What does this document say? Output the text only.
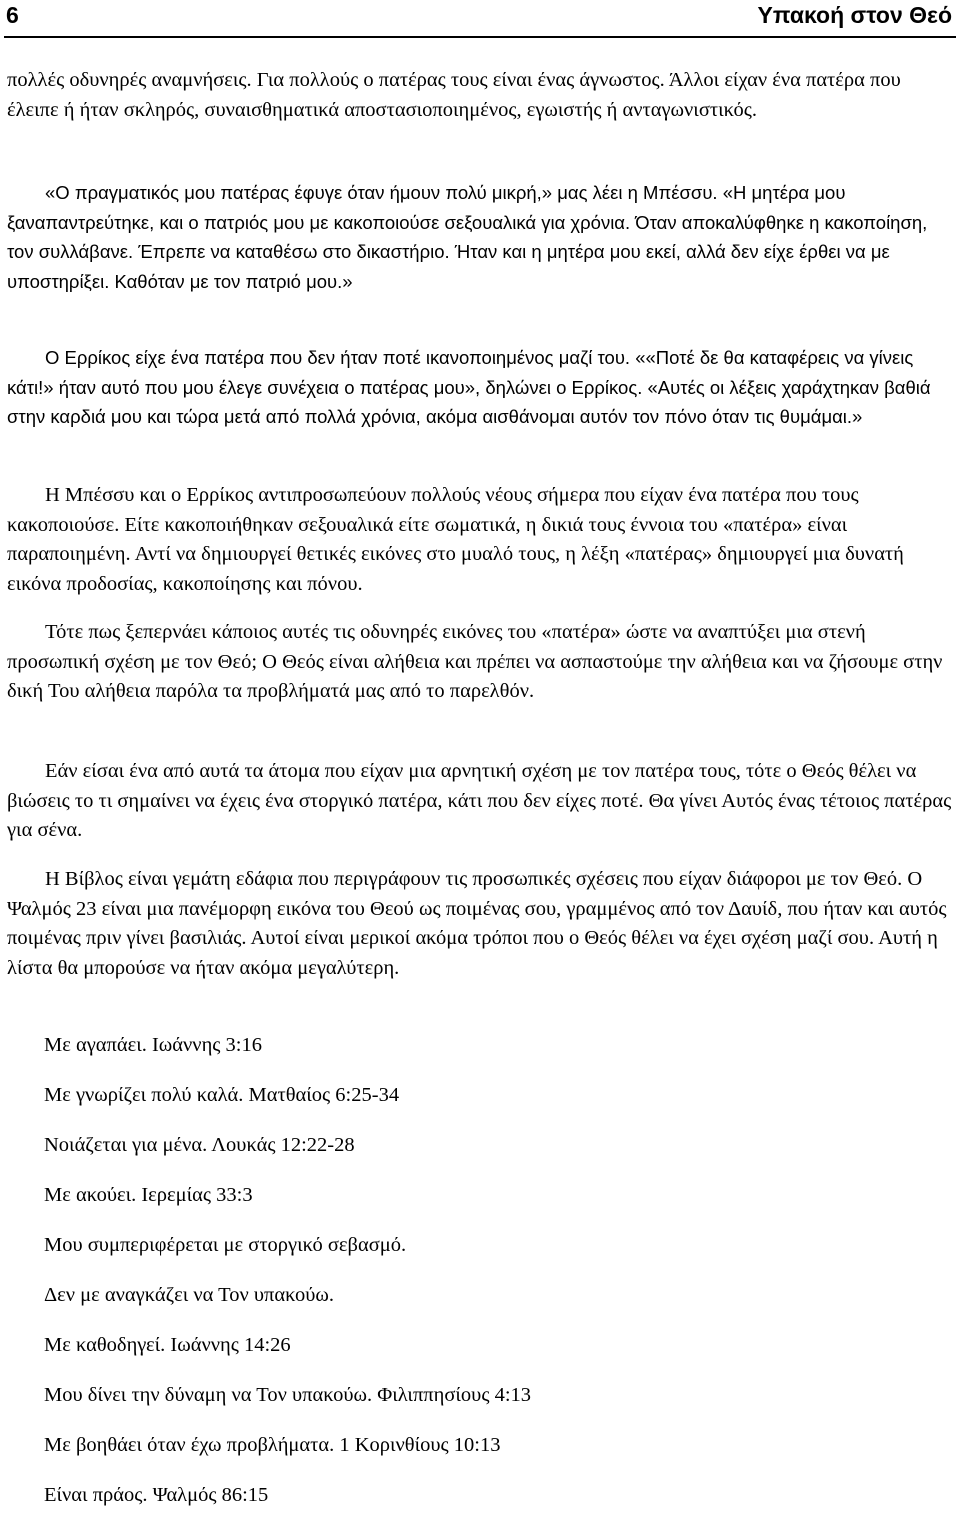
6	Υπακοή στον Θεό

πολλές οδυνηρές αναμνήσεις. Για πολλούς ο πατέρας τους είναι ένας άγνωστος. Άλλοι είχαν ένα πατέρα που έλειπε ή ήταν σκληρός, συναισθηματικά αποστασιοποιημένος, εγωιστής ή ανταγωνιστικός.

«Ο πραγματικός μου πατέρας έφυγε όταν ήμουν πολύ μικρή,» μας λέει η Μπέσσυ. «Η μητέρα μου ξαναπαντρεύτηκε, και ο πατριός μου με κακοποιούσε σεξουαλικά για χρόνια. Όταν αποκαλύφθηκε η κακοποίηση, τον συλλάβανε. Έπρεπε να καταθέσω στο δικαστήριο. Ήταν και η μητέρα μου εκεί, αλλά δεν είχε έρθει να με υποστηρίξει. Καθόταν με τον πατριό μου.»

Ο Ερρίκος είχε ένα πατέρα που δεν ήταν ποτέ ικανοποιημένος μαζί του. ««Ποτέ δε θα καταφέρεις να γίνεις κάτι!» ήταν αυτό που μου έλεγε συνέχεια ο πατέρας μου», δηλώνει ο Ερρίκος. «Αυτές οι λέξεις χαράχτηκαν βαθιά στην καρδιά μου και τώρα μετά από πολλά χρόνια, ακόμα αισθάνομαι αυτόν τον πόνο όταν τις θυμάμαι.»

Η Μπέσσυ και ο Ερρίκος αντιπροσωπεύουν πολλούς νέους σήμερα που είχαν ένα πατέρα που τους κακοποιούσε. Είτε κακοποιήθηκαν σεξουαλικά είτε σωματικά, η δικιά τους έννοια του «πατέρα» είναι παραποιημένη. Αντί να δημιουργεί θετικές εικόνες στο μυαλό τους, η λέξη «πατέρας» δημιουργεί μια δυνατή εικόνα προδοσίας, κακοποίησης και πόνου.

Τότε πως ξεπερνάει κάποιος αυτές τις οδυνηρές εικόνες του «πατέρα» ώστε να αναπτύξει μια στενή προσωπική σχέση με τον Θεό; Ο Θεός είναι αλήθεια και πρέπει να ασπαστούμε την αλήθεια και να ζήσουμε στην δική Του αλήθεια παρόλα τα προβλήματά μας από το παρελθόν.

Εάν είσαι ένα από αυτά τα άτομα που είχαν μια αρνητική σχέση με τον πατέρα τους, τότε ο Θεός θέλει να βιώσεις το τι σημαίνει να έχεις ένα στοργικό πατέρα, κάτι που δεν είχες ποτέ. Θα γίνει Αυτός ένας τέτοιος πατέρας για σένα.

Η Βίβλος είναι γεμάτη εδάφια που περιγράφουν τις προσωπικές σχέσεις που είχαν διάφοροι με τον Θεό. Ο Ψαλμός 23 είναι μια πανέμορφη εικόνα του Θεού ως ποιμένας σου, γραμμένος από τον Δαυίδ, που ήταν και αυτός ποιμένας πριν γίνει βασιλιάς. Αυτοί είναι μερικοί ακόμα τρόποι που ο Θεός θέλει να έχει σχέση μαζί σου. Αυτή η λίστα θα μπορούσε να ήταν ακόμα μεγαλύτερη.

Με αγαπάει. Ιωάννης 3:16
Με γνωρίζει πολύ καλά. Ματθαίος 6:25-34
Νοιάζεται για μένα. Λουκάς 12:22-28
Με ακούει. Ιερεμίας 33:3
Μου συμπεριφέρεται με στοργικό σεβασμό.
Δεν με αναγκάζει να Τον υπακούω.
Με καθοδηγεί. Ιωάννης 14:26
Μου δίνει την δύναμη να Τον υπακούω. Φιλιππησίους 4:13
Με βοηθάει όταν έχω προβλήματα. 1 Κορινθίους 10:13
Είναι πράος. Ψαλμός 86:15
